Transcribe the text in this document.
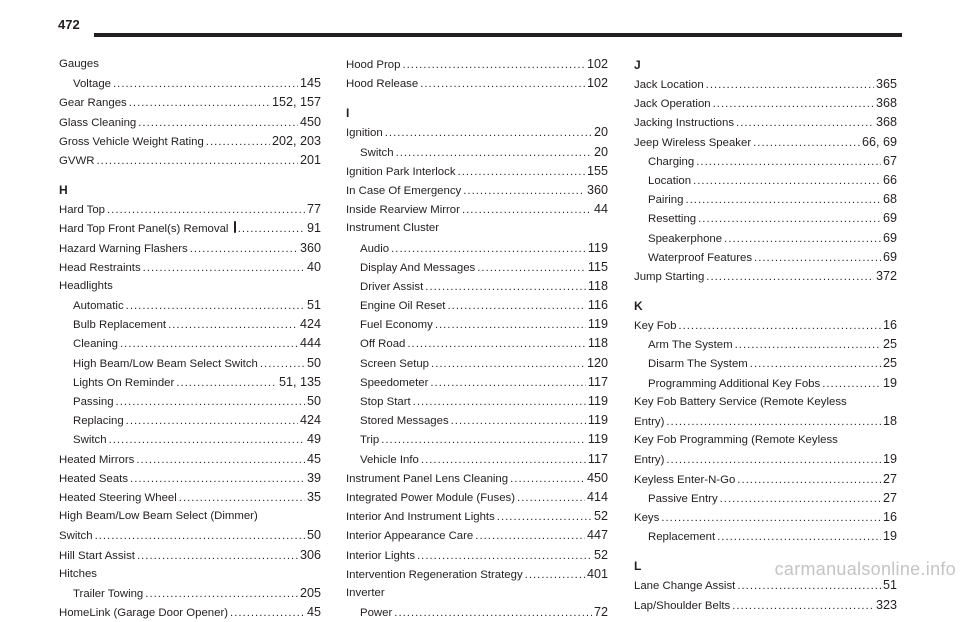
472
Gauges
Voltage .....	145
Gear Ranges .....	152, 157
Glass Cleaning .....	450
Gross Vehicle Weight Rating .....	202, 203
GVWR .....	201
H
Hard Top .....	77
Hard Top Front Panel(s) Removal .....	91
Hazard Warning Flashers .....	360
Head Restraints .....	40
Headlights
Automatic .....	51
Bulb Replacement .....	424
Cleaning .....	444
High Beam/Low Beam Select Switch .....	50
Lights On Reminder .....	51, 135
Passing .....	50
Replacing .....	424
Switch .....	49
Heated Mirrors .....	45
Heated Seats .....	39
Heated Steering Wheel .....	35
High Beam/Low Beam Select (Dimmer)
Switch .....	50
Hill Start Assist .....	306
Hitches
Trailer Towing .....	205
HomeLink (Garage Door Opener) .....	45
Hood Prop .....	102
Hood Release .....	102
I
Ignition .....	20
Switch .....	20
Ignition Park Interlock .....	155
In Case Of Emergency .....	360
Inside Rearview Mirror .....	44
Instrument Cluster
Audio .....	119
Display And Messages .....	115
Driver Assist .....	118
Engine Oil Reset .....	116
Fuel Economy .....	119
Off Road .....	118
Screen Setup .....	120
Speedometer .....	117
Stop Start .....	119
Stored Messages .....	119
Trip .....	119
Vehicle Info .....	117
Instrument Panel Lens Cleaning .....	450
Integrated Power Module (Fuses) .....	414
Interior And Instrument Lights .....	52
Interior Appearance Care .....	447
Interior Lights .....	52
Intervention Regeneration Strategy .....	401
Inverter
Power .....	72
J
Jack Location .....	365
Jack Operation .....	368
Jacking Instructions .....	368
Jeep Wireless Speaker .....	66, 69
Charging .....	67
Location .....	66
Pairing .....	68
Resetting .....	69
Speakerphone .....	69
Waterproof Features .....	69
Jump Starting .....	372
K
Key Fob .....	16
Arm The System .....	25
Disarm The System .....	25
Programming Additional Key Fobs .....	19
Key Fob Battery Service (Remote Keyless
Entry) .....	18
Key Fob Programming (Remote Keyless
Entry) .....	19
Keyless Enter-N-Go .....	27
Passive Entry .....	27
Keys .....	16
Replacement .....	19
L
Lane Change Assist .....	51
Lap/Shoulder Belts .....	323
carmanualsonline.info
